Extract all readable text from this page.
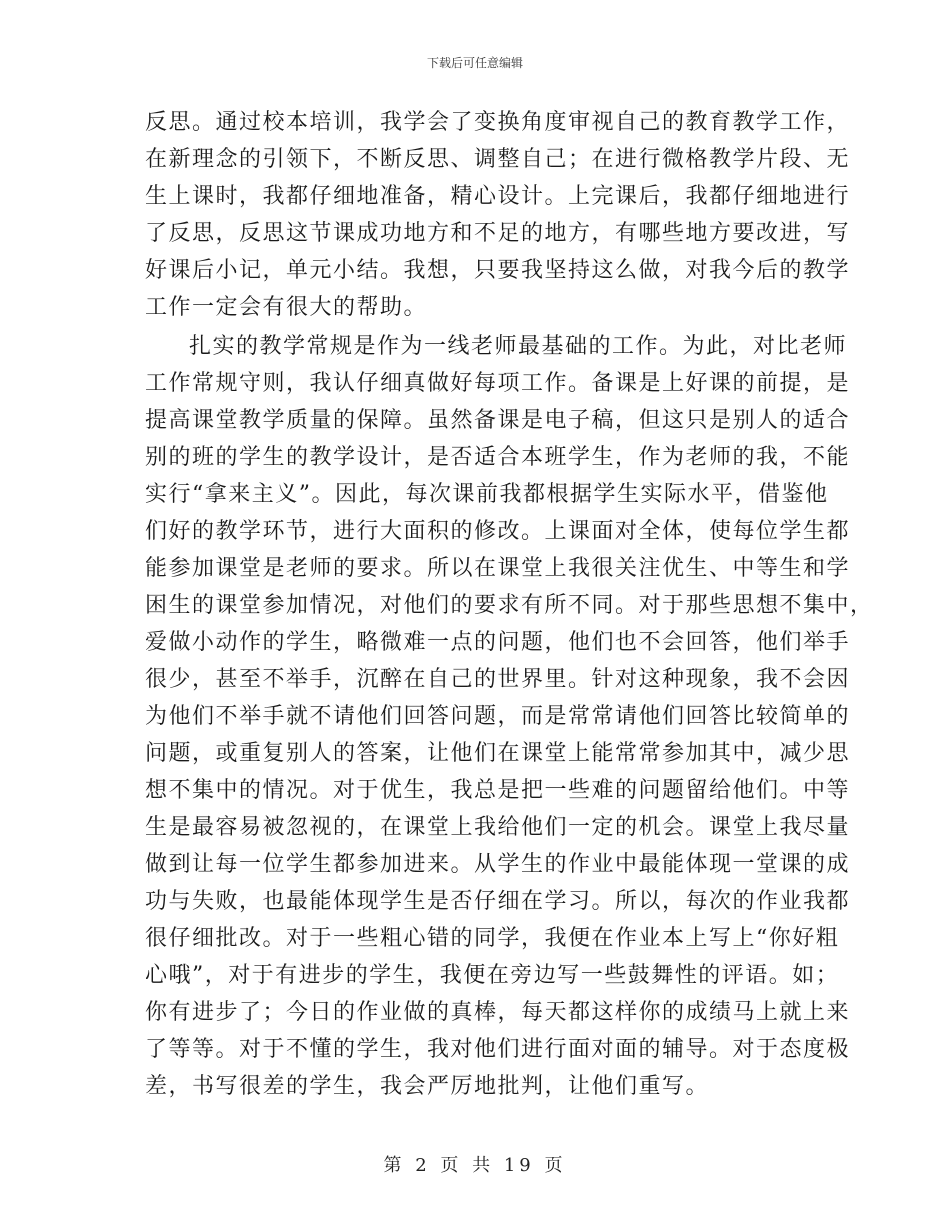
下载后可任意编辑
反思。通过校本培训，我学会了变换角度审视自己的教育教学工作，
在新理念的引领下，不断反思、调整自己；在进行微格教学片段、无
生上课时，我都仔细地准备，精心设计。上完课后，我都仔细地进行
了反思，反思这节课成功地方和不足的地方，有哪些地方要改进，写
好课后小记，单元小结。我想，只要我坚持这么做，对我今后的教学
工作一定会有很大的帮助。
扎实的教学常规是作为一线老师最基础的工作。为此，对比老师
工作常规守则，我认仔细真做好每项工作。备课是上好课的前提，是
提高课堂教学质量的保障。虽然备课是电子稿，但这只是别人的适合
别的班的学生的教学设计，是否适合本班学生，作为老师的我，不能
实行“拿来主义”。因此，每次课前我都根据学生实际水平，借鉴他
们好的教学环节，进行大面积的修改。上课面对全体，使每位学生都
能参加课堂是老师的要求。所以在课堂上我很关注优生、中等生和学
困生的课堂参加情况，对他们的要求有所不同。对于那些思想不集中，
爱做小动作的学生，略微难一点的问题，他们也不会回答，他们举手
很少，甚至不举手，沉醉在自己的世界里。针对这种现象，我不会因
为他们不举手就不请他们回答问题，而是常常请他们回答比较简单的
问题，或重复别人的答案，让他们在课堂上能常常参加其中，减少思
想不集中的情况。对于优生，我总是把一些难的问题留给他们。中等
生是最容易被忽视的，在课堂上我给他们一定的机会。课堂上我尽量
做到让每一位学生都参加进来。从学生的作业中最能体现一堂课的成
功与失败，也最能体现学生是否仔细在学习。所以，每次的作业我都
很仔细批改。对于一些粗心错的同学，我便在作业本上写上“你好粗
心哦”，对于有进步的学生，我便在旁边写一些鼓舞性的评语。如；
你有进步了；今日的作业做的真棒，每天都这样你的成绩马上就上来
了等等。对于不懂的学生，我对他们进行面对面的辅导。对于态度极
差，书写很差的学生，我会严厉地批判，让他们重写。
第 2 页 共 19 页
